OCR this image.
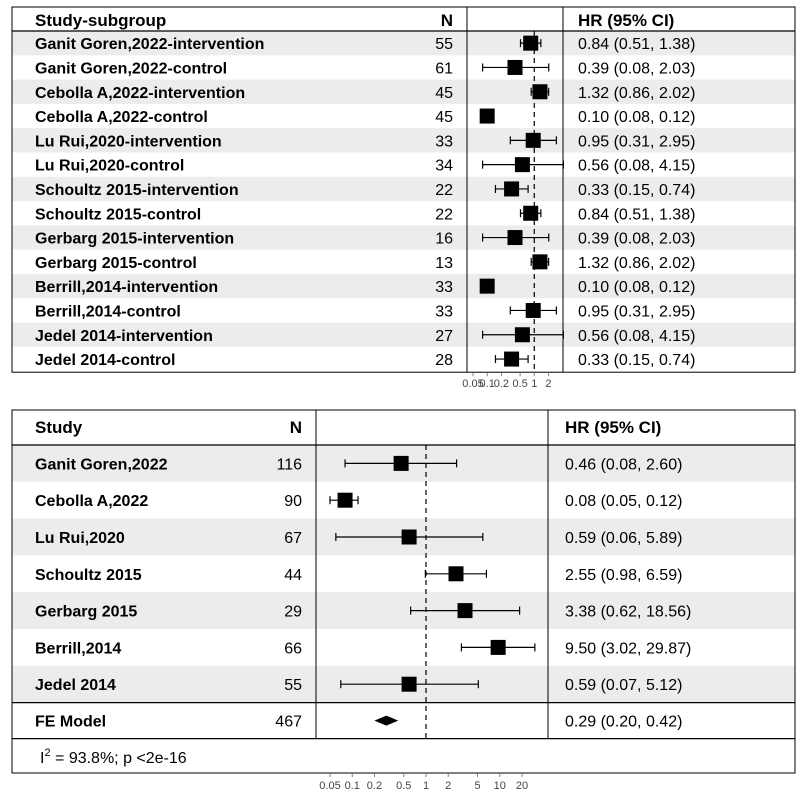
Study-subgroup	N	HR (95% CI)
Ganit Goren,2022-intervention	55	0.84 (0.51, 1.38)
Ganit Goren,2022-control	61	0.39 (0.08, 2.03)
Cebolla A,2022-intervention	45	1.32 (0.86, 2.02)
Cebolla A,2022-control	45	0.10 (0.08, 0.12)
Lu Rui,2020-intervention	33	0.95 (0.31, 2.95)
Lu Rui,2020-control	34	0.56 (0.08, 4.15)
Schoultz 2015-intervention	22	0.33 (0.15, 0.74)
Schoultz 2015-control	22	0.84 (0.51, 1.38)
Gerbarg 2015-intervention	16	0.39 (0.08, 2.03)
Gerbarg 2015-control	13	1.32 (0.86, 2.02)
Berrill,2014-intervention	33	0.10 (0.08, 0.12)
Berrill,2014-control	33	0.95 (0.31, 2.95)
Jedel 2014-intervention	27	0.56 (0.08, 4.15)
Jedel 2014-control	28	0.33 (0.15, 0.74)
0.05
0.1
0.2 0.5 1 2
Study	N	HR (95% CI)
Ganit Goren,2022	116	0.46 (0.08, 2.60)
Cebolla A,2022	90	0.08 (0.05, 0.12)
Lu Rui,2020	67	0.59 (0.06, 5.89)
Schoultz 2015	44	2.55 (0.98, 6.59)
Gerbarg 2015	29	3.38 (0.62, 18.56)
Berrill,2014	66	9.50 (3.02, 29.87)
Jedel 2014	55	0.59 (0.07, 5.12)
FE Model	467	0.29 (0.20, 0.42)
$I^2 = 93.8\%$; p <2e-16
0.05 0.1 0.2 0.5 1 2 5 10 20
